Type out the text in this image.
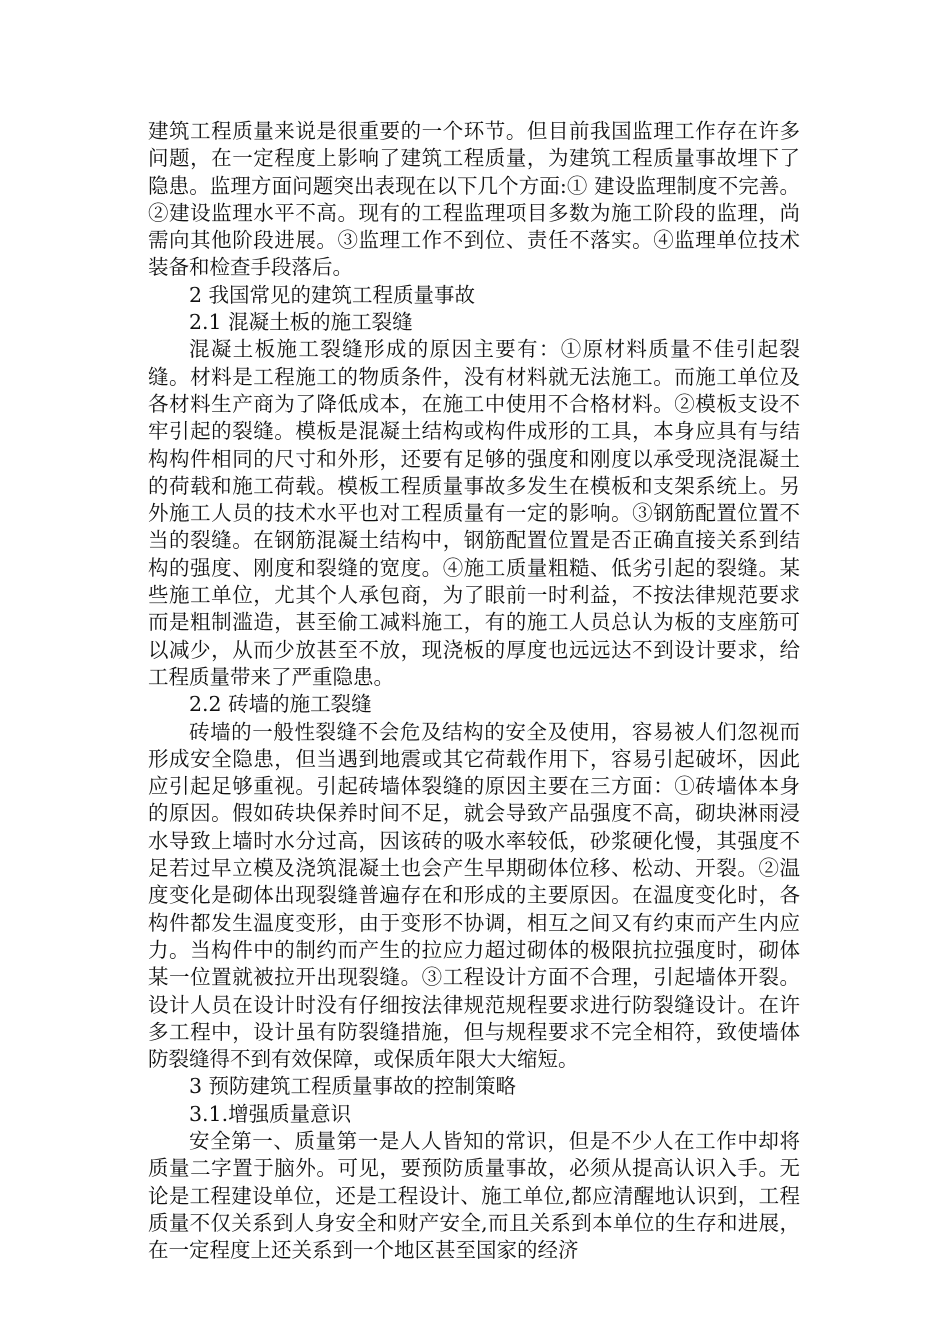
建筑工程质量来说是很重要的一个环节。但目前我国监理工作存在许多问题，在一定程度上影响了建筑工程质量，为建筑工程质量事故埋下了隐患。监理方面问题突出表现在以下几个方面:① 建设监理制度不完善。②建设监理水平不高。现有的工程监理项目多数为施工阶段的监理，尚需向其他阶段进展。③监理工作不到位、责任不落实。④监理单位技术装备和检查手段落后。

2 我国常见的建筑工程质量事故

2.1 混凝土板的施工裂缝

混凝土板施工裂缝形成的原因主要有：①原材料质量不佳引起裂缝。材料是工程施工的物质条件，没有材料就无法施工。而施工单位及各材料生产商为了降低成本，在施工中使用不合格材料。②模板支设不牢引起的裂缝。模板是混凝土结构或构件成形的工具，本身应具有与结构构件相同的尺寸和外形，还要有足够的强度和刚度以承受现浇混凝土的荷载和施工荷载。模板工程质量事故多发生在模板和支架系统上。另外施工人员的技术水平也对工程质量有一定的影响。③钢筋配置位置不当的裂缝。在钢筋混凝土结构中，钢筋配置位置是否正确直接关系到结构的强度、刚度和裂缝的宽度。④施工质量粗糙、低劣引起的裂缝。某些施工单位，尤其个人承包商，为了眼前一时利益，不按法律规范要求而是粗制滥造，甚至偷工减料施工，有的施工人员总认为板的支座筋可以减少，从而少放甚至不放，现浇板的厚度也远远达不到设计要求，给工程质量带来了严重隐患。

2.2 砖墙的施工裂缝

砖墙的一般性裂缝不会危及结构的安全及使用，容易被人们忽视而形成安全隐患，但当遇到地震或其它荷载作用下，容易引起破坏，因此应引起足够重视。引起砖墙体裂缝的原因主要在三方面：①砖墙体本身的原因。假如砖块保养时间不足，就会导致产品强度不高，砌块淋雨浸水导致上墙时水分过高，因该砖的吸水率较低，砂浆硬化慢，其强度不足若过早立模及浇筑混凝土也会产生早期砌体位移、松动、开裂。②温度变化是砌体出现裂缝普遍存在和形成的主要原因。在温度变化时，各构件都发生温度变形，由于变形不协调，相互之间又有约束而产生内应力。当构件中的制约而产生的拉应力超过砌体的极限抗拉强度时，砌体某一位置就被拉开出现裂缝。③工程设计方面不合理，引起墙体开裂。设计人员在设计时没有仔细按法律规范规程要求进行防裂缝设计。在许多工程中，设计虽有防裂缝措施，但与规程要求不完全相符，致使墙体防裂缝得不到有效保障，或保质年限大大缩短。

3 预防建筑工程质量事故的控制策略

3.1.增强质量意识

安全第一、质量第一是人人皆知的常识，但是不少人在工作中却将质量二字置于脑外。可见，要预防质量事故，必须从提高认识入手。无论是工程建设单位，还是工程设计、施工单位,都应清醒地认识到，工程质量不仅关系到人身安全和财产安全,而且关系到本单位的生存和进展，在一定程度上还关系到一个地区甚至国家的经济
